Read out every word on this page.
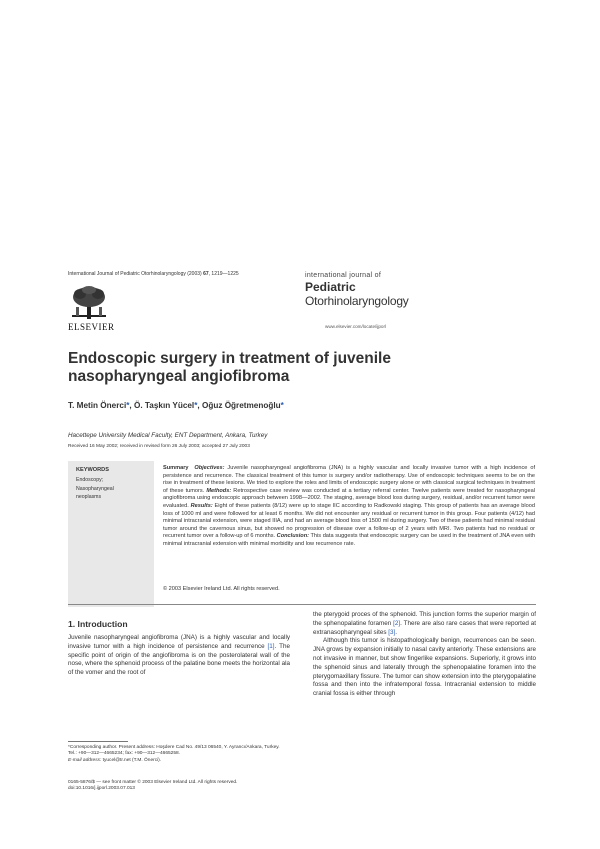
International Journal of Pediatric Otorhinolaryngology (2003) 67, 1219—1225
ELSEVIER
international journal of
Pediatric
Otorhinolaryngology
www.elsevier.com/locate/ijporl
Endoscopic surgery in treatment of juvenile nasopharyngeal angiofibroma
T. Metin Önerci*, Ö. Taşkın Yücel*, Oğuz Öğretmenoğlu*
Hacettepe University Medical Faculty, ENT Department, Ankara, Turkey
Received 16 May 2002; received in revised form 26 July 2003; accepted 27 July 2003
KEYWORDS
Endoscopy;
Nasopharyngeal
neoplasms
Summary Objectives: Juvenile nasopharyngeal angiofibroma (JNA) is a highly vascular and locally invasive tumor with a high incidence of persistence and recurrence. The classical treatment of this tumor is surgery and/or radiotherapy. Use of endoscopic techniques seems to be on the rise in treatment of these lesions. We tried to explore the roles and limits of endoscopic surgery alone or with classical surgical techniques in treatment of these tumors. Methods: Retrospective case review was conducted at a tertiary referral center. Twelve patients were treated for nasopharyngeal angiofibroma using endoscopic approach between 1998—2002. The staging, average blood loss during surgery, residual, and/or recurrent tumor were evaluated. Results: Eight of these patients (8/12) were up to stage IIC according to Radkowski staging. This group of patients has an average blood loss of 1000 ml and were followed for at least 6 months. We did not encounter any residual or recurrent tumor in this group. Four patients (4/12) had minimal intracranial extension, were staged IIIA, and had an average blood loss of 1500 ml during surgery. Two of these patients had minimal residual tumor around the cavernous sinus, but showed no progression of disease over a follow-up of 2 years with MRI. Two patients had no residual or recurrent tumor over a follow-up of 6 months. Conclusion: This data suggests that endoscopic surgery can be used in the treatment of JNA even with minimal intracranial extension with minimal morbidity and low recurrence rate.
© 2003 Elsevier Ireland Ltd. All rights reserved.
1. Introduction

Juvenile nasopharyngeal angiofibroma (JNA) is a highly vascular and locally invasive tumor with a high incidence of persistence and recurrence [1]. The specific point of origin of the angiofibroma is on the posterolateral wall of the nose, where the sphenoid process of the palatine bone meets the horizontal ala of the vomer and the root of

the pterygoid proces of the sphenoid. This junction forms the superior margin of the sphenopalatine foramen [2]. There are also rare cases that were reported at extranasopharyngeal sites [3].

Although this tumor is histopathologically benign, recurrences can be seen. JNA grows by expansion initially to nasal cavity anteriorly. These extensions are not invasive in manner, but show fingerlike expansions. Superiorly, it grows into the sphenoid sinus and laterally through the sphenopalatine foramen into the pterygomaxillary fissure. The tumor can show extension into the pterygopalatine fossa and then into the infratemporal fossa. Intracranial extension to middle cranial fossa is either through

*Corresponding author. Present address: Hoşdere Cad No. 49/13 06540, Y. Ayrancı/Ankara, Turkey.
Tel.: +90—312—4665234; fax: +90—312—4665258.
E-mail address: tyucel@tr.net (T.M. Önerci).
0165-5876/$ — see front matter © 2003 Elsevier Ireland Ltd. All rights reserved.
doi:10.1016/j.ijporl.2003.07.013
